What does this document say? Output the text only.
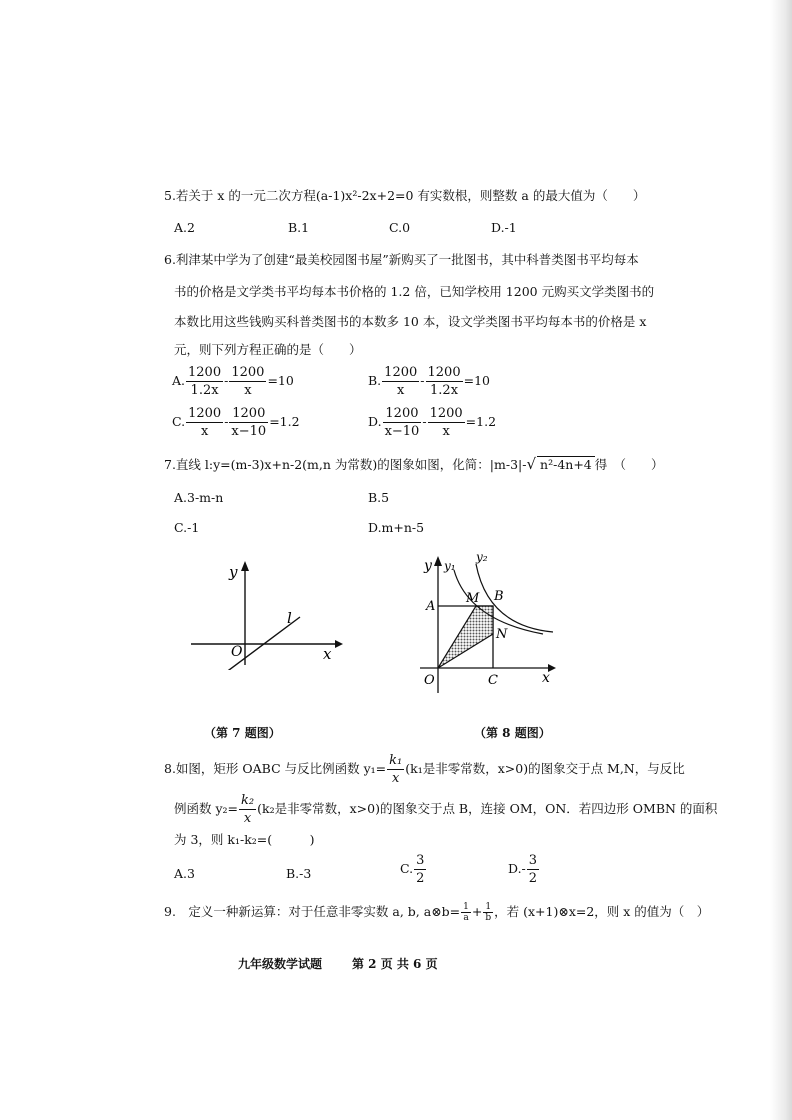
5.若关于 x 的一元二次方程(a-1)x²-2x+2=0 有实数根，则整数 a 的最大值为（　　）
A.2	B.1	C.0	D.-1
6.利津某中学为了创建“最美校园图书屋”新购买了一批图书，其中科普类图书平均每本
书的价格是文学类书平均每本书价格的 1.2 倍，已知学校用 1200 元购买文学类图书的
本数比用这些钱购买科普类图书的本数多 10 本，设文学类图书平均每本书的价格是 x
元，则下列方程正确的是（　　）
A. $\frac{1200}{1.2x} - \frac{1200}{x} =10$	B. $\frac{1200}{x} - \frac{1200}{1.2x} =10$
C. $\frac{1200}{x} - \frac{1200}{x-10} =1.2$	D. $\frac{1200}{x-10} - \frac{1200}{x} =1.2$
7.直线 l:y=(m-3)x+n-2(m,n 为常数)的图象如图，化简：|m-3|-√ n²-4n+4 得　（　　）
A.3-m-n	B.5
C.-1	D.m+n-5
y
x
O
l
y y₁
y₂
A
M B
N
O	C	x
（第 7 题图）	（第 8 题图）
8.如图，矩形 OABC 与反比例函数 $y_1= \frac{\text{k₁}}{x} (k_1$是非零常数，x>0)的图象交于点 M,N，与反比
例函数 $y_2= \frac{\text{k₂}}{x} (k_2$是非零常数，x>0)的图象交于点 B，连接 OM，ON．若四边形 OMBN 的面积
为 3，则 k₁-k₂=(　　　)
A.3	B.-3	C. $\frac{3}{2}$	$D.- \frac{3}{2}$
9.　定义一种新运算：对于任意非零实数 a, b, a⊗b= $\frac{1}{a} + \frac{1}{b}$ ，若 (x+1)⊗x=2，则 x 的值为（　）
九年级数学试题 第 2 页 共 6 页
